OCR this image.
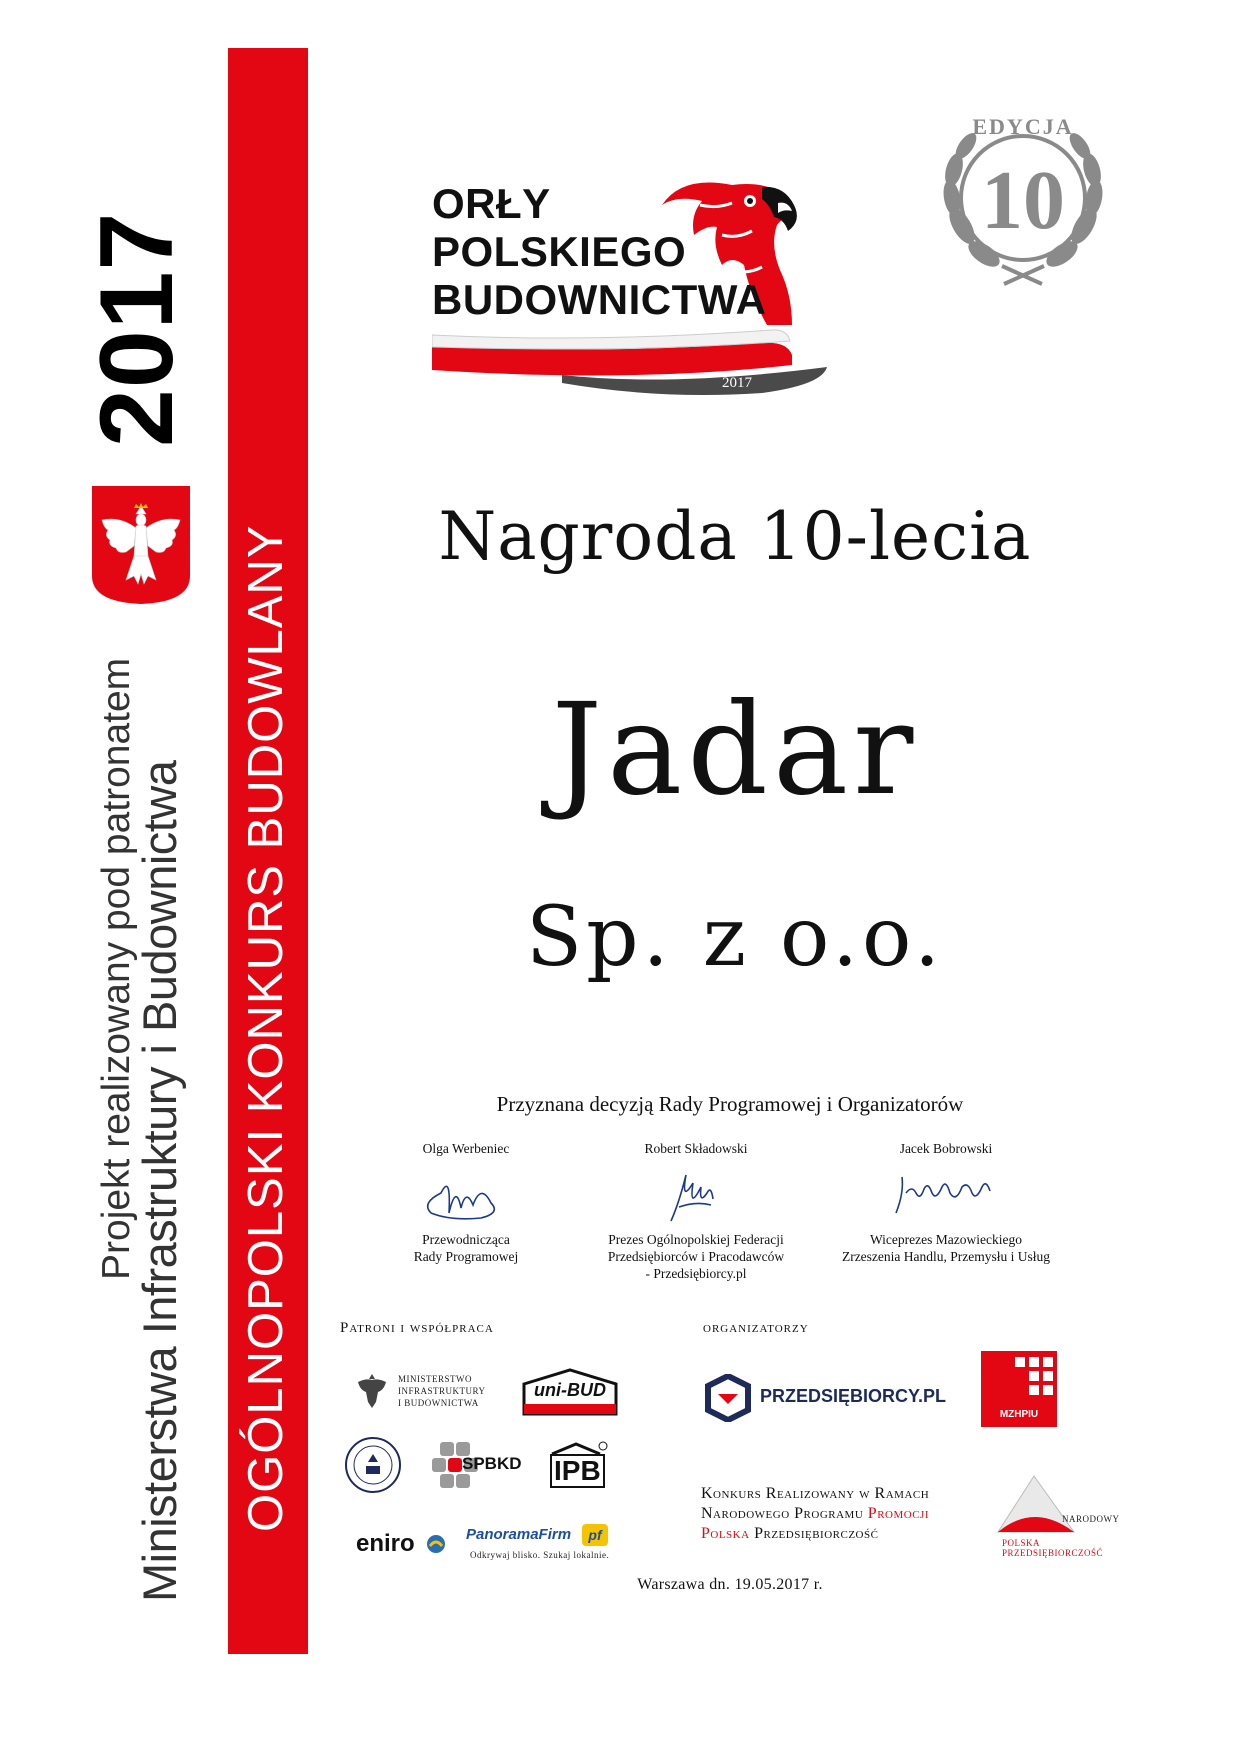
2017
Projekt realizowany pod patronatem
Ministerstwa Infrastruktury i Budownictwa OGÓLNOPOLSKI KONKURS BUDOWLANY
ORŁY
POLSKIEGO
BUDOWNICTWA
2017
EDYCJA
10
Nagroda 10-lecia
Jadar
Sp. z o.o.
Przyznana decyzją Rady Programowej i Organizatorów
Olga Werbeniec
Przewodnicząca
Rady Programowej
Robert Składowski
Prezes Ogólnopolskiej Federacji
Przedsiębiorców i Pracodawców
- Przedsiębiorcy.pl
Jacek Bobrowski
Wiceprezes Mazowieckiego
Zrzeszenia Handlu, Przemysłu i Usług
Patroni i współpraca	organizatorzy
MINISTERSTWO
INFRASTRUKTURY
I BUDOWNICTWA
uni-BUD
SPBKD IPB
eniro	PanoramaFirm	pf
Odkrywaj blisko. Szukaj lokalnie.
PRZEDSIĘBIORCY.PL
MZHPIU
Konkurs Realizowany w Ramach
Narodowego Programu Promocji
Polska Przedsiębiorczość
NARODOWY
POLSKA PRZEDSIĘBIORCZOŚĆ
Warszawa dn. 19.05.2017 r.
